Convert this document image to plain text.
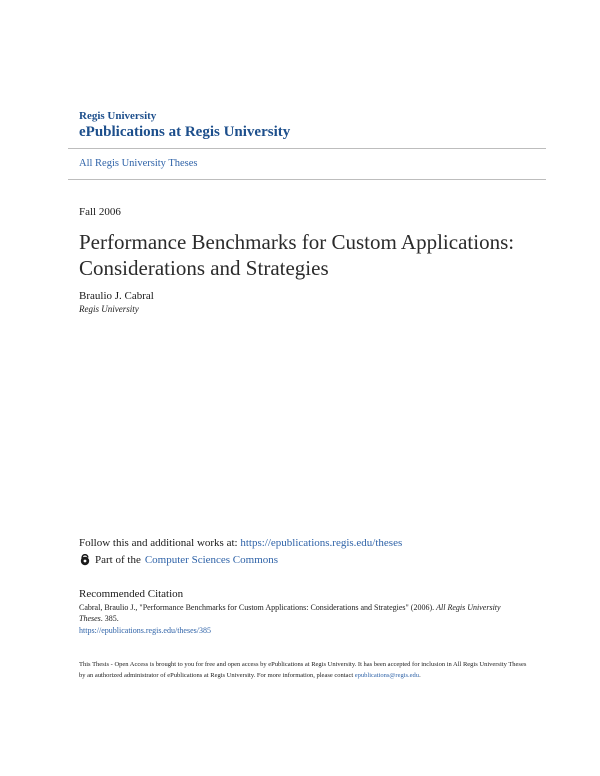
Regis University
ePublications at Regis University
All Regis University Theses
Fall 2006
Performance Benchmarks for Custom Applications: Considerations and Strategies
Braulio J. Cabral
Regis University
Follow this and additional works at: https://epublications.regis.edu/theses
Part of the Computer Sciences Commons
Recommended Citation
Cabral, Braulio J., "Performance Benchmarks for Custom Applications: Considerations and Strategies" (2006). All Regis University Theses. 385.
https://epublications.regis.edu/theses/385
This Thesis - Open Access is brought to you for free and open access by ePublications at Regis University. It has been accepted for inclusion in All Regis University Theses by an authorized administrator of ePublications at Regis University. For more information, please contact epublications@regis.edu.
